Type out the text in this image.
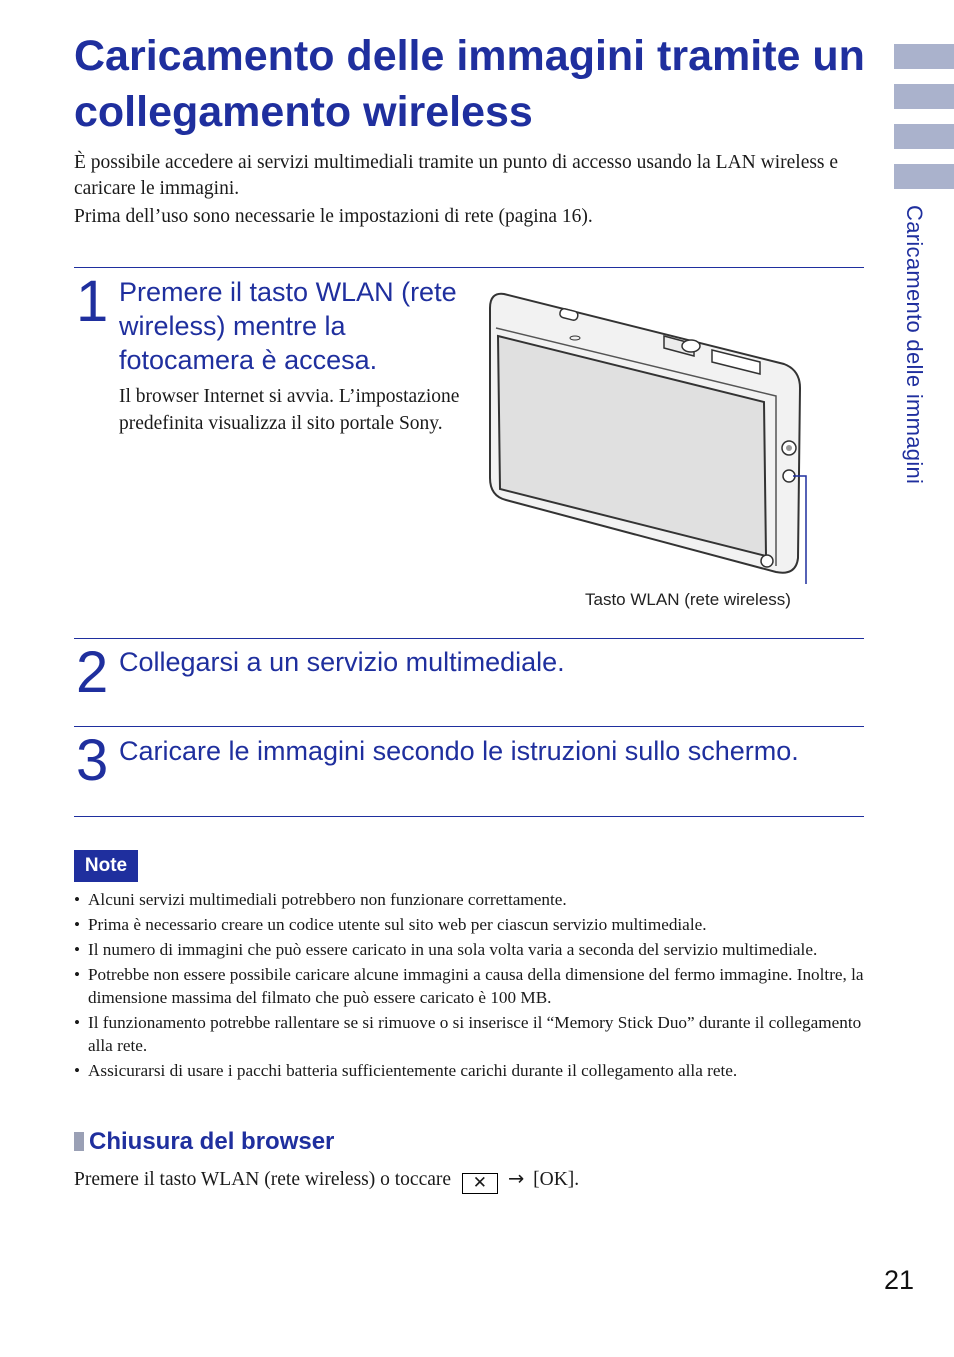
Caricamento delle immagini tramite un collegamento wireless

È possibile accedere ai servizi multimediali tramite un punto di accesso usando la LAN wireless e caricare le immagini.

Prima dell’uso sono necessarie le impostazioni di rete (pagina 16).

1 Premere il tasto WLAN (rete wireless) mentre la fotocamera è accesa.

Il browser Internet si avvia. L’impostazione predefinita visualizza il sito portale Sony.

Tasto WLAN (rete wireless)
2 Collegarsi a un servizio multimediale.
3 Caricare le immagini secondo le istruzioni sullo schermo.
Note
• Alcuni servizi multimediali potrebbero non funzionare correttamente.
• Prima è necessario creare un codice utente sul sito web per ciascun servizio multimediale.
• Il numero di immagini che può essere caricato in una sola volta varia a seconda del servizio multimediale.
• Potrebbe non essere possibile caricare alcune immagini a causa della dimensione del fermo immagine. Inoltre, la dimensione massima del filmato che può essere caricato è 100 MB.
• Il funzionamento potrebbe rallentare se si rimuove o si inserisce il “Memory Stick Duo” durante il collegamento alla rete.
• Assicurarsi di usare i pacchi batteria sufficientemente carichi durante il collegamento alla rete.
Chiusura del browser

Premere il tasto WLAN (rete wireless) o toccare ✕ → [OK].

Caricamento delle immagini
21
